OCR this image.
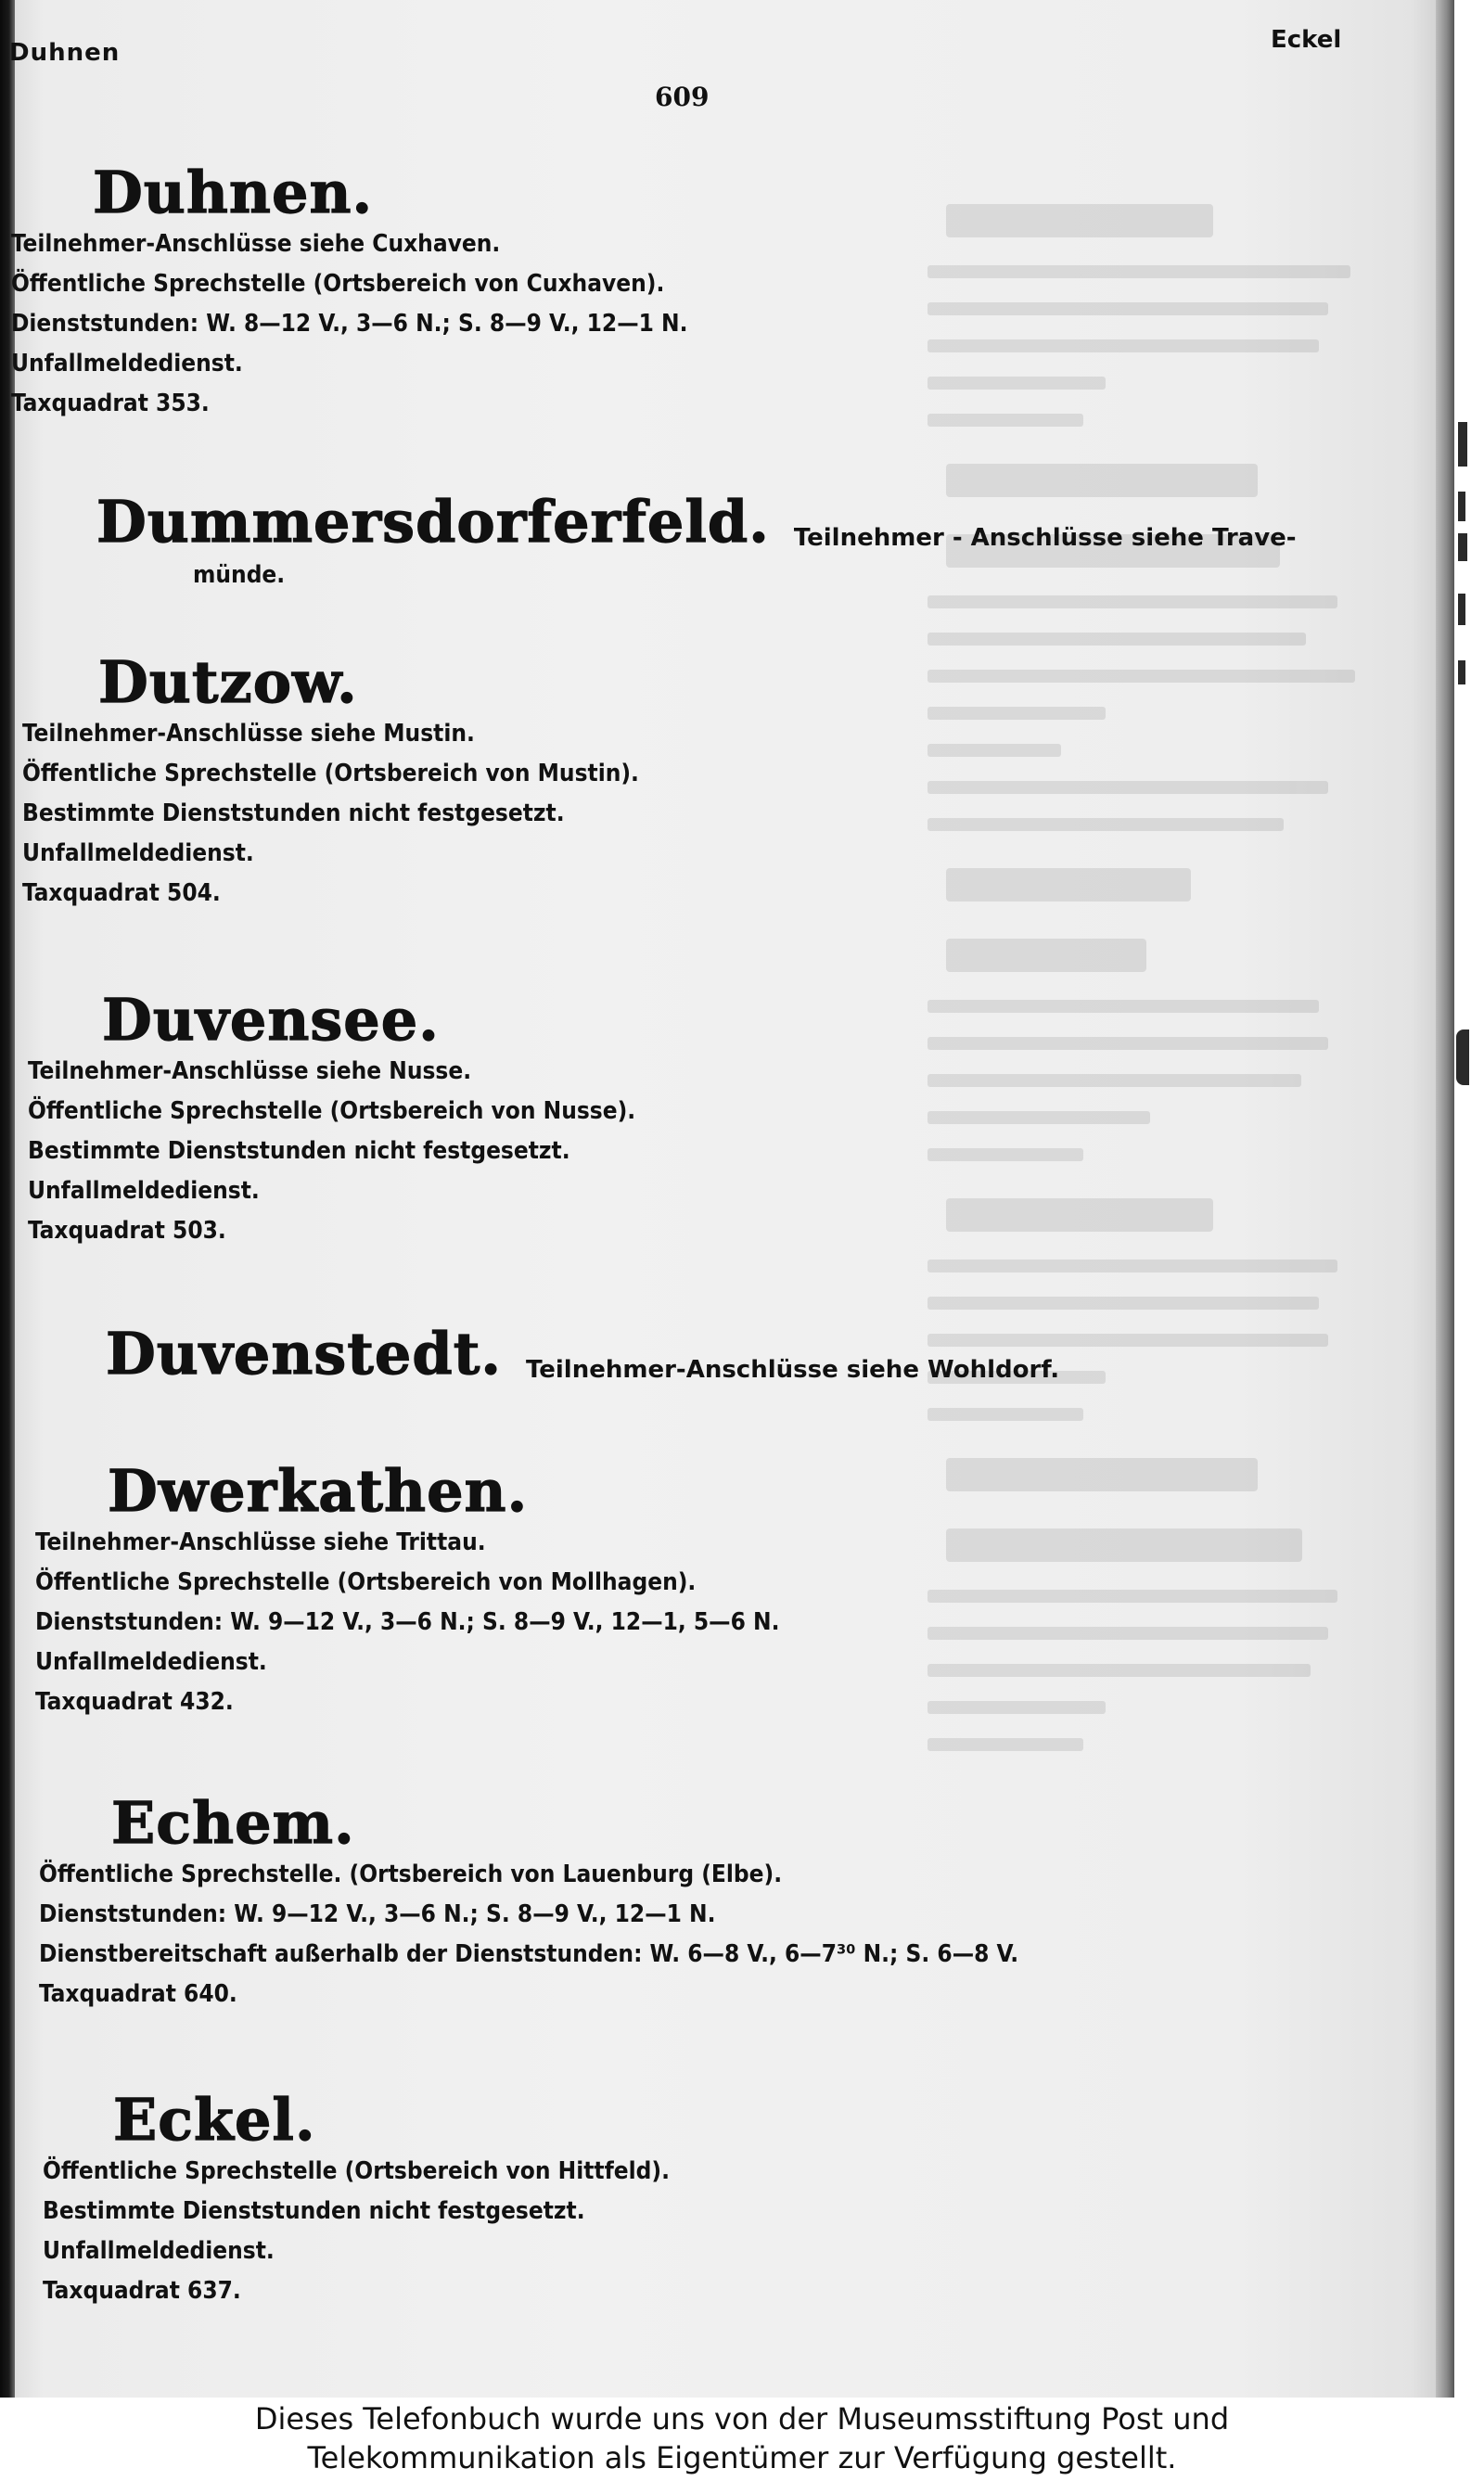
Duhnen	Eckel
609
Duhnen.
Teilnehmer-Anschlüsse siehe Cuxhaven.
Öffentliche Sprechstelle (Ortsbereich von Cuxhaven).
Dienststunden: W. 8—12 V., 3—6 N.; S. 8—9 V., 12—1 N.
Unfallmeldedienst.
Taxquadrat 353.
Dummersdorferfeld. Teilnehmer - Anschlüsse siehe Trave-
münde.
Dutzow.
Teilnehmer-Anschlüsse siehe Mustin.
Öffentliche Sprechstelle (Ortsbereich von Mustin).
Bestimmte Dienststunden nicht festgesetzt.
Unfallmeldedienst.
Taxquadrat 504.
Duvensee.
Teilnehmer-Anschlüsse siehe Nusse.
Öffentliche Sprechstelle (Ortsbereich von Nusse).
Bestimmte Dienststunden nicht festgesetzt.
Unfallmeldedienst.
Taxquadrat 503.
Duvenstedt. Teilnehmer-Anschlüsse siehe Wohldorf.
Dwerkathen.
Teilnehmer-Anschlüsse siehe Trittau.
Öffentliche Sprechstelle (Ortsbereich von Mollhagen).
Dienststunden: W. 9—12 V., 3—6 N.; S. 8—9 V., 12—1, 5—6 N.
Unfallmeldedienst.
Taxquadrat 432.
Echem.
Öffentliche Sprechstelle. (Ortsbereich von Lauenburg (Elbe).
Dienststunden: W. 9—12 V., 3—6 N.; S. 8—9 V., 12—1 N.
Dienstbereitschaft außerhalb der Dienststunden: W. 6—8 V., 6—7³⁰ N.; S. 6—8 V.
Taxquadrat 640.
Eckel.
Öffentliche Sprechstelle (Ortsbereich von Hittfeld).
Bestimmte Dienststunden nicht festgesetzt.
Unfallmeldedienst.
Taxquadrat 637.
Dieses Telefonbuch wurde uns von der Museumsstiftung Post und
Telekommunikation als Eigentümer zur Verfügung gestellt.
